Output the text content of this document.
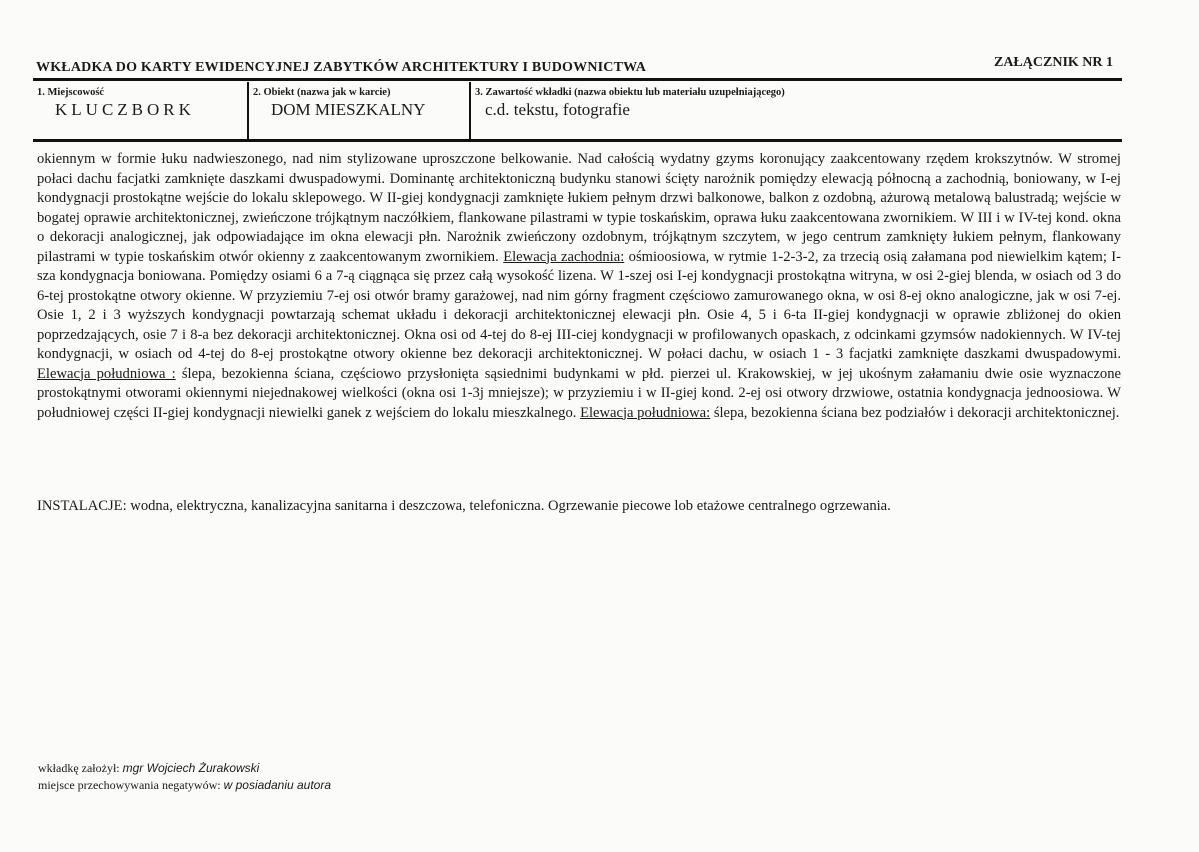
WKŁADKA DO KARTY EWIDENCYJNEJ ZABYTKÓW ARCHITEKTURY I BUDOWNICTWA	ZAŁĄCZNIK NR 1
1. Miejscowość
KLUCZBORK
2. Obiekt (nazwa jak w karcie)
DOM MIESZKALNY
3. Zawartość wkładki (nazwa obiektu lub materiału uzupełniającego)
c.d. tekstu, fotografie
okiennym w formie łuku nadwieszonego, nad nim stylizowane uproszczone belkowanie. Nad całością wydatny gzyms koronujący zaakcentowany rzędem krokszytnów. W stromej połaci dachu facjatki zamknięte daszkami dwuspadowymi. Dominantę architektoniczną budynku stanowi ścięty narożnik pomiędzy elewacją północną a zachodnią, boniowany, w I-ej kondygnacji prostokątne wejście do lokalu sklepowego. W II-giej kondygnacji zamknięte łukiem pełnym drzwi balkonowe, balkon z ozdobną, ażurową metalową balustradą; wejście w bogatej oprawie architektonicznej, zwieńczone trójkątnym naczółkiem, flankowane pilastrami w typie toskańskim, oprawa łuku zaakcentowana zwornikiem. W III i w IV-tej kond. okna o dekoracji analogicznej, jak odpowiadające im okna elewacji płn. Narożnik zwieńczony ozdobnym, trójkątnym szczytem, w jego centrum zamknięty łukiem pełnym, flankowany pilastrami w typie toskańskim otwór okienny z zaakcentowanym zwornikiem. Elewacja zachodnia: ośmioosiowa, w rytmie 1-2-3-2, za trzecią osią załamana pod niewielkim kątem; I-sza kondygnacja boniowana. Pomiędzy osiami 6 a 7-ą ciągnąca się przez całą wysokość lizena. W 1-szej osi I-ej kondygnacji prostokątna witryna, w osi 2-giej blenda, w osiach od 3 do 6-tej prostokątne otwory okienne. W przyziemiu 7-ej osi otwór bramy garażowej, nad nim górny fragment częściowo zamurowanego okna, w osi 8-ej okno analogiczne, jak w osi 7-ej. Osie 1, 2 i 3 wyższych kondygnacji powtarzają schemat układu i dekoracji architektonicznej elewacji płn. Osie 4, 5 i 6-ta II-giej kondygnacji w oprawie zbliżonej do okien poprzedzających, osie 7 i 8-a bez dekoracji architektonicznej. Okna osi od 4-tej do 8-ej III-ciej kondygnacji w profilowanych opaskach, z odcinkami gzymsów nadokiennych. W IV-tej kondygnacji, w osiach od 4-tej do 8-ej prostokątne otwory okienne bez dekoracji architektonicznej. W połaci dachu, w osiach 1 - 3 facjatki zamknięte daszkami dwuspadowymi. Elewacja południowa : ślepa, bezokienna ściana, częściowo przysłonięta sąsiednimi budynkami w płd. pierzei ul. Krakowskiej, w jej ukośnym załamaniu dwie osie wyznaczone prostokątnymi otworami okiennymi niejednakowej wielkości (okna osi 1-3j mniejsze); w przyziemiu i w II-giej kond. 2-ej osi otwory drzwiowe, ostatnia kondygnacja jednoosiowa. W południowej części II-giej kondygnacji niewielki ganek z wejściem do lokalu mieszkalnego. Elewacja południowa: ślepa, bezokienna ściana bez podziałów i dekoracji architektonicznej.
INSTALACJE: wodna, elektryczna, kanalizacyjna sanitarna i deszczowa, telefoniczna. Ogrzewanie piecowe lob etażowe centralnego ogrzewania.
wkładkę założył: mgr Wojciech Żurakowski
miejsce przechowywania negatywów: w posiadaniu autora
